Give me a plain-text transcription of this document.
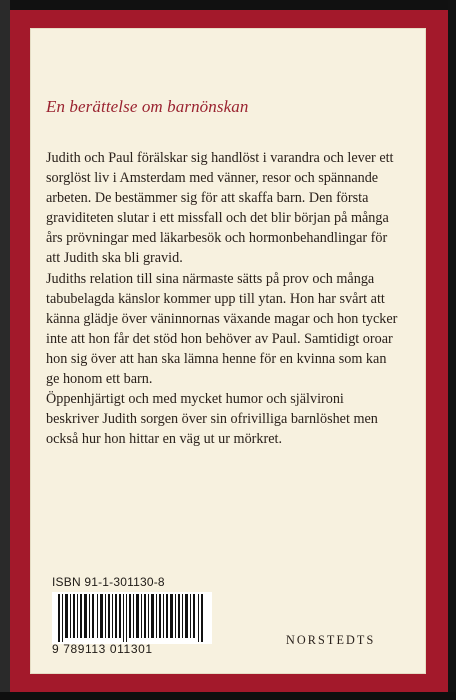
En berättelse om barnönskan

Judith och Paul förälskar sig handlöst i varandra och lever ett sorglöst liv i Amsterdam med vänner, resor och spännande arbeten. De bestämmer sig för att skaffa barn. Den första graviditeten slutar i ett missfall och det blir början på många års prövningar med läkarbesök och hormonbehandlingar för att Judith ska bli gravid.

Judiths relation till sina närmaste sätts på prov och många tabubelagda känslor kommer upp till ytan. Hon har svårt att känna glädje över väninnornas växande magar och hon tycker inte att hon får det stöd hon behöver av Paul. Samtidigt oroar hon sig över att han ska lämna henne för en kvinna som kan ge honom ett barn.

Öppenhjärtigt och med mycket humor och självironi beskriver Judith sorgen över sin ofrivilliga barnlöshet men också hur hon hittar en väg ut ur mörkret.

ISBN 91-1-301130-8
9 789113 011301
NORSTEDTS
